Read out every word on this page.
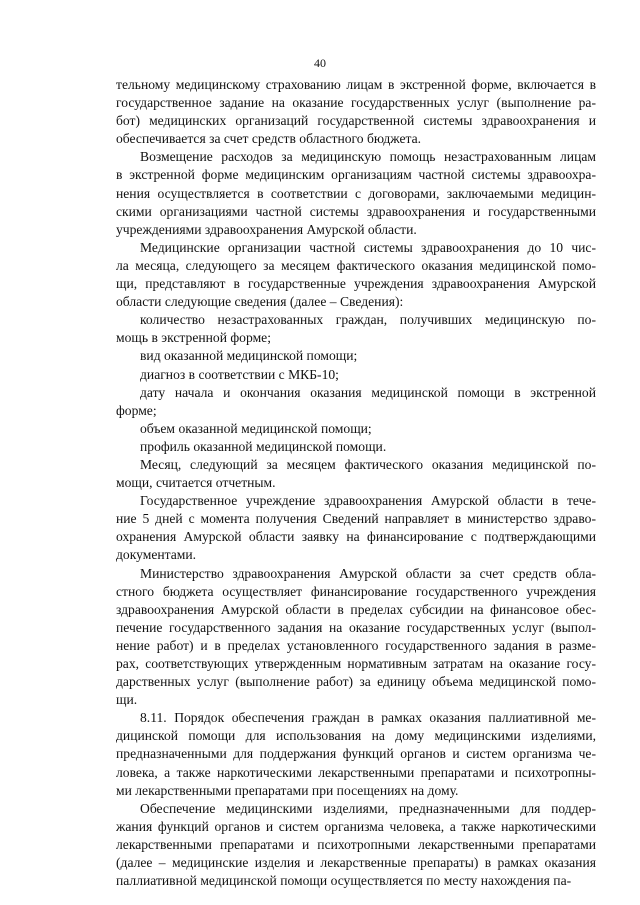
40
тельному медицинскому страхованию лицам в экстренной форме, включается в
государственное задание на оказание государственных услуг (выполнение ра-
бот) медицинских организаций государственной системы здравоохранения и
обеспечивается за счет средств областного бюджета.
Возмещение расходов за медицинскую помощь незастрахованным лицам
в экстренной форме медицинским организациям частной системы здравоохра-
нения осуществляется в соответствии с договорами, заключаемыми медицин-
скими организациями частной системы здравоохранения и государственными
учреждениями здравоохранения Амурской области.
Медицинские организации частной системы здравоохранения до 10 чис-
ла месяца, следующего за месяцем фактического оказания медицинской помо-
щи, представляют в государственные учреждения здравоохранения Амурской
области следующие сведения (далее – Сведения):
количество незастрахованных граждан, получивших медицинскую по-
мощь в экстренной форме;
вид оказанной медицинской помощи;
диагноз в соответствии с МКБ-10;
дату начала и окончания оказания медицинской помощи в экстренной
форме;
объем оказанной медицинской помощи;
профиль оказанной медицинской помощи.
Месяц, следующий за месяцем фактического оказания медицинской по-
мощи, считается отчетным.
Государственное учреждение здравоохранения Амурской области в тече-
ние 5 дней с момента получения Сведений направляет в министерство здраво-
охранения Амурской области заявку на финансирование с подтверждающими
документами.
Министерство здравоохранения Амурской области за счет средств обла-
стного бюджета осуществляет финансирование государственного учреждения
здравоохранения Амурской области в пределах субсидии на финансовое обес-
печение государственного задания на оказание государственных услуг (выпол-
нение работ) и в пределах установленного государственного задания в разме-
рах, соответствующих утвержденным нормативным затратам на оказание госу-
дарственных услуг (выполнение работ) за единицу объема медицинской помо-
щи.
8.11. Порядок обеспечения граждан в рамках оказания паллиативной ме-
дицинской помощи для использования на дому медицинскими изделиями,
предназначенными для поддержания функций органов и систем организма че-
ловека, а также наркотическими лекарственными препаратами и психотропны-
ми лекарственными препаратами при посещениях на дому.
Обеспечение медицинскими изделиями, предназначенными для поддер-
жания функций органов и систем организма человека, а также наркотическими
лекарственными препаратами и психотропными лекарственными препаратами
(далее – медицинские изделия и лекарственные препараты) в рамках оказания
паллиативной медицинской помощи осуществляется по месту нахождения па-
